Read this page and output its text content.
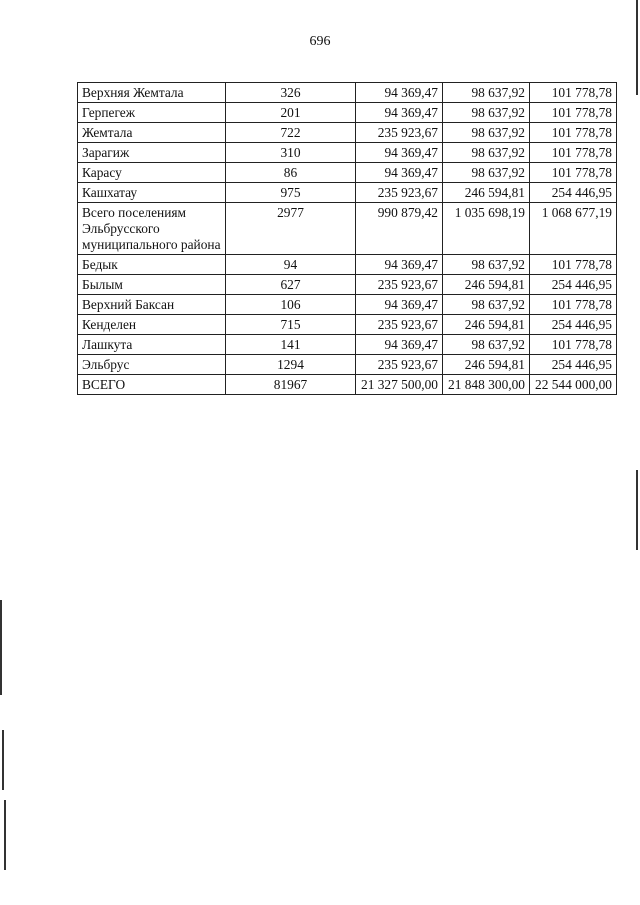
696
Верхняя Жемтала	326	94 369,47	98 637,92	101 778,78
Герпегеж	201	94 369,47	98 637,92	101 778,78
Жемтала	722	235 923,67	98 637,92	101 778,78
Зарагиж	310	94 369,47	98 637,92	101 778,78
Карасу	86	94 369,47	98 637,92	101 778,78
Кашхатау	975	235 923,67	246 594,81	254 446,95
Всего поселениям Эльбрусского муниципального района	2977	990 879,42	1 035 698,19	1 068 677,19
Бедык	94	94 369,47	98 637,92	101 778,78
Былым	627	235 923,67	246 594,81	254 446,95
Верхний Баксан	106	94 369,47	98 637,92	101 778,78
Кенделен	715	235 923,67	246 594,81	254 446,95
Лашкута	141	94 369,47	98 637,92	101 778,78
Эльбрус	1294	235 923,67	246 594,81	254 446,95
ВСЕГО	81967	21 327 500,00	21 848 300,00	22 544 000,00
